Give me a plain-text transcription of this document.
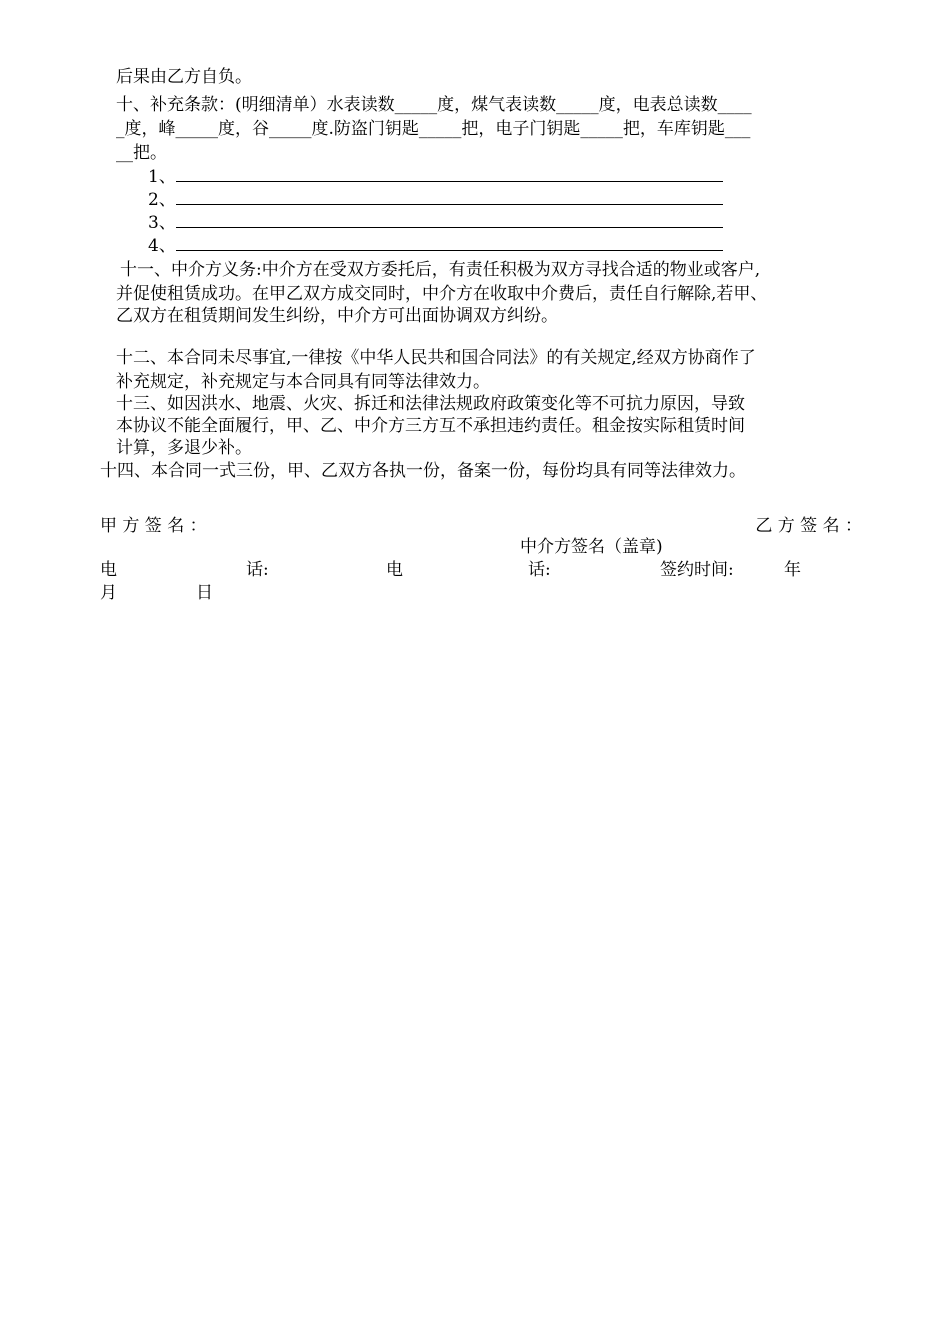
后果由乙方自负。
十、补充条款：(明细清单）水表读数_____度，煤气表读数_____度，电表总读数____
_度，峰_____度，谷_____度.防盗门钥匙_____把，电子门钥匙_____把，车库钥匙___
__把。
1、
2、
3、
4、
十一、中介方义务:中介方在受双方委托后，有责任积极为双方寻找合适的物业或客户,
并促使租赁成功。在甲乙双方成交同时，中介方在收取中介费后，责任自行解除,若甲、
乙双方在租赁期间发生纠纷，中介方可出面协调双方纠纷。
十二、本合同未尽事宜,一律按《中华人民共和国合同法》的有关规定,经双方协商作了
补充规定，补充规定与本合同具有同等法律效力。
十三、如因洪水、地震、火灾、拆迁和法律法规政府政策变化等不可抗力原因，导致
本协议不能全面履行，甲、乙、中介方三方互不承担违约责任。租金按实际租赁时间
计算，多退少补。
十四、本合同一式三份，甲、乙双方各执一份，备案一份，每份均具有同等法律效力。
甲 方 签 名 ：	乙 方 签 名 ：
中介方签名（盖章)
电	话:	电	话:	签约时间:	年
月	日
